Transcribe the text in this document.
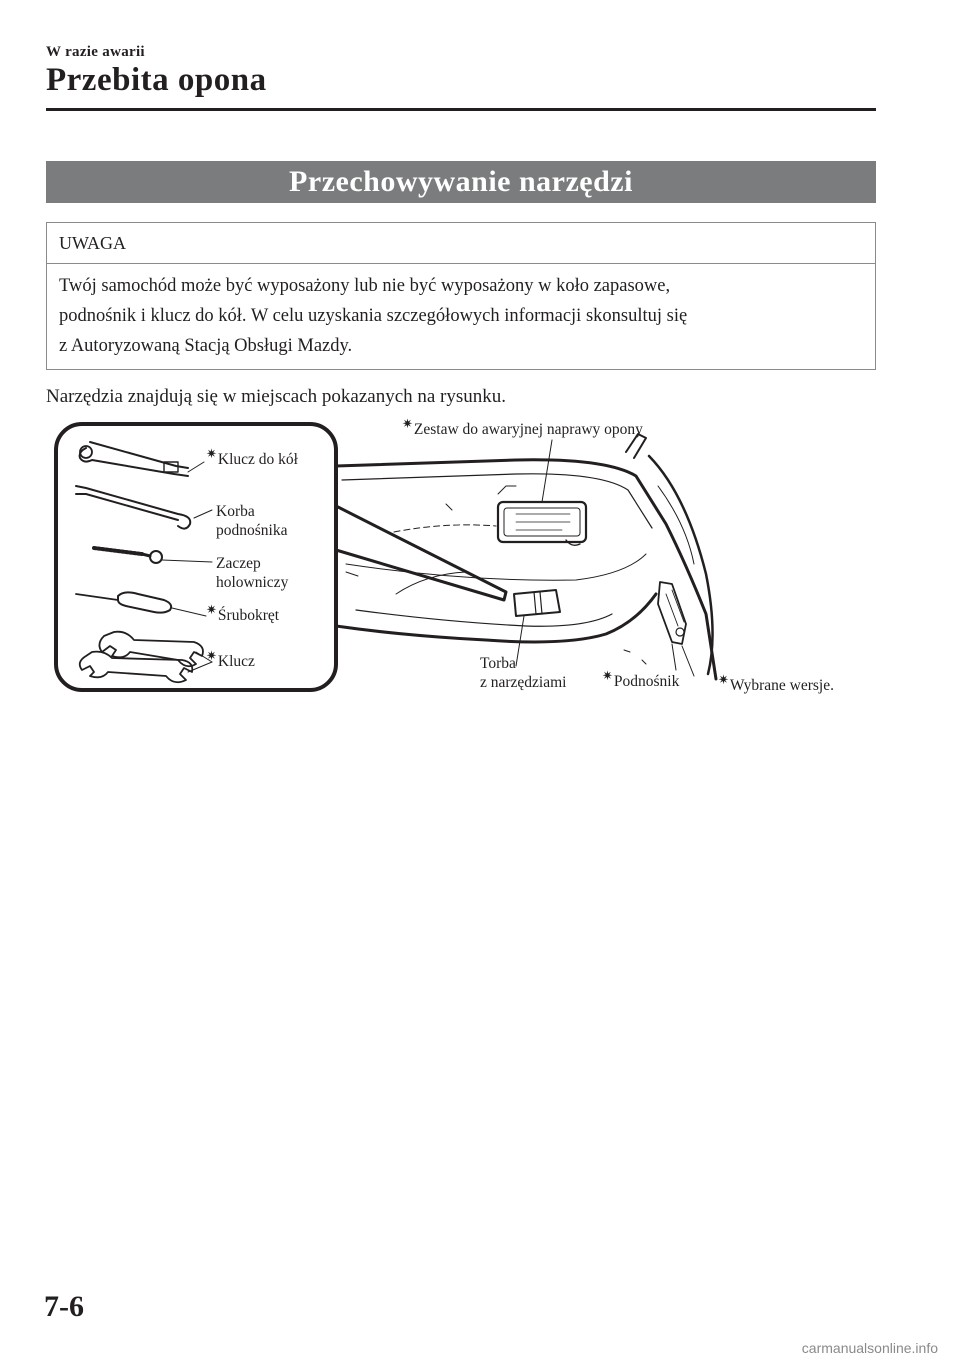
W razie awarii
Przebita opona
Przechowywanie narzędzi
UWAGA
Twój samochód może być wyposażony lub nie być wyposażony w koło zapasowe,
podnośnik i klucz do kół. W celu uzyskania szczegółowych informacji skonsultuj się
z Autoryzowaną Stacją Obsługi Mazdy.
Narzędzia znajdują się w miejscach pokazanych na rysunku.
✷Zestaw do awaryjnej naprawy opony
✷Klucz do kół
Korba
podnośnika
Zaczep
holowniczy
✷Śrubokręt
✷Klucz	Torba
z narzędziami	✷Podnośnik	✷Wybrane wersje.
7-6
carmanualsonline.info
